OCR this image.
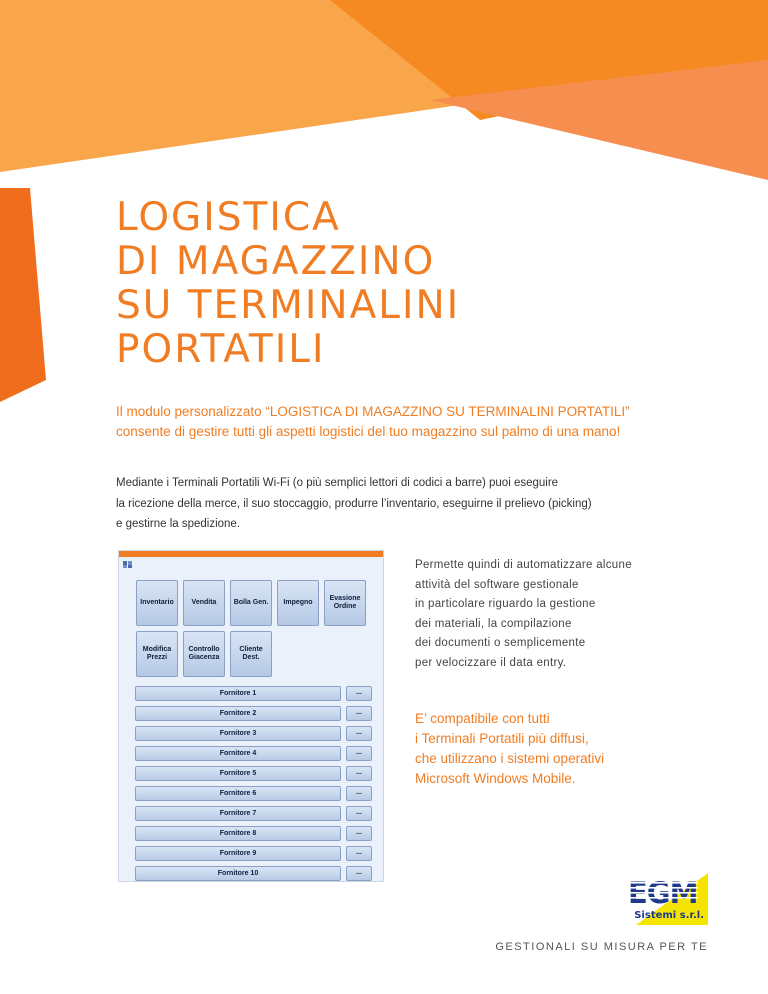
LOGISTICA
DI MAGAZZINO
SU TERMINALINI
PORTATILI

Il modulo personalizzato “LOGISTICA DI MAGAZZINO SU TERMINALINI PORTATILI” consente di gestire tutti gli aspetti logistici del tuo magazzino sul palmo di una mano!

Mediante i Terminali Portatili Wi-Fi (o più semplici lettori di codici a barre) puoi eseguire
la ricezione della merce, il suo stoccaggio, produrre l’inventario, eseguirne il prelievo (picking)
e gestirne la spedizione.

Permette quindi di automatizzare alcune
attività del software gestionale
in particolare riguardo la gestione
dei materiali, la compilazione
dei documenti o semplicemente
per velocizzare il data entry.

E’ compatibile con tutti
i Terminali Portatili più diffusi,
che utilizzano i sistemi operativi
Microsoft Windows Mobile.

Inventario	Vendita	Bolla Gen.	Impegno
Evasione
Ordine
Modifica
Prezzi
Controllo
Giacenza
Cliente
Dest.
Fornitore 1	...
Fornitore 2	...
Fornitore 3	...
Fornitore 4	...
Fornitore 5	...
Fornitore 6	...
Fornitore 7	...
Fornitore 8	...
Fornitore 9	...
Fornitore 10	...
Sistemi s.r.l.

GESTIONALI SU MISURA PER TE
